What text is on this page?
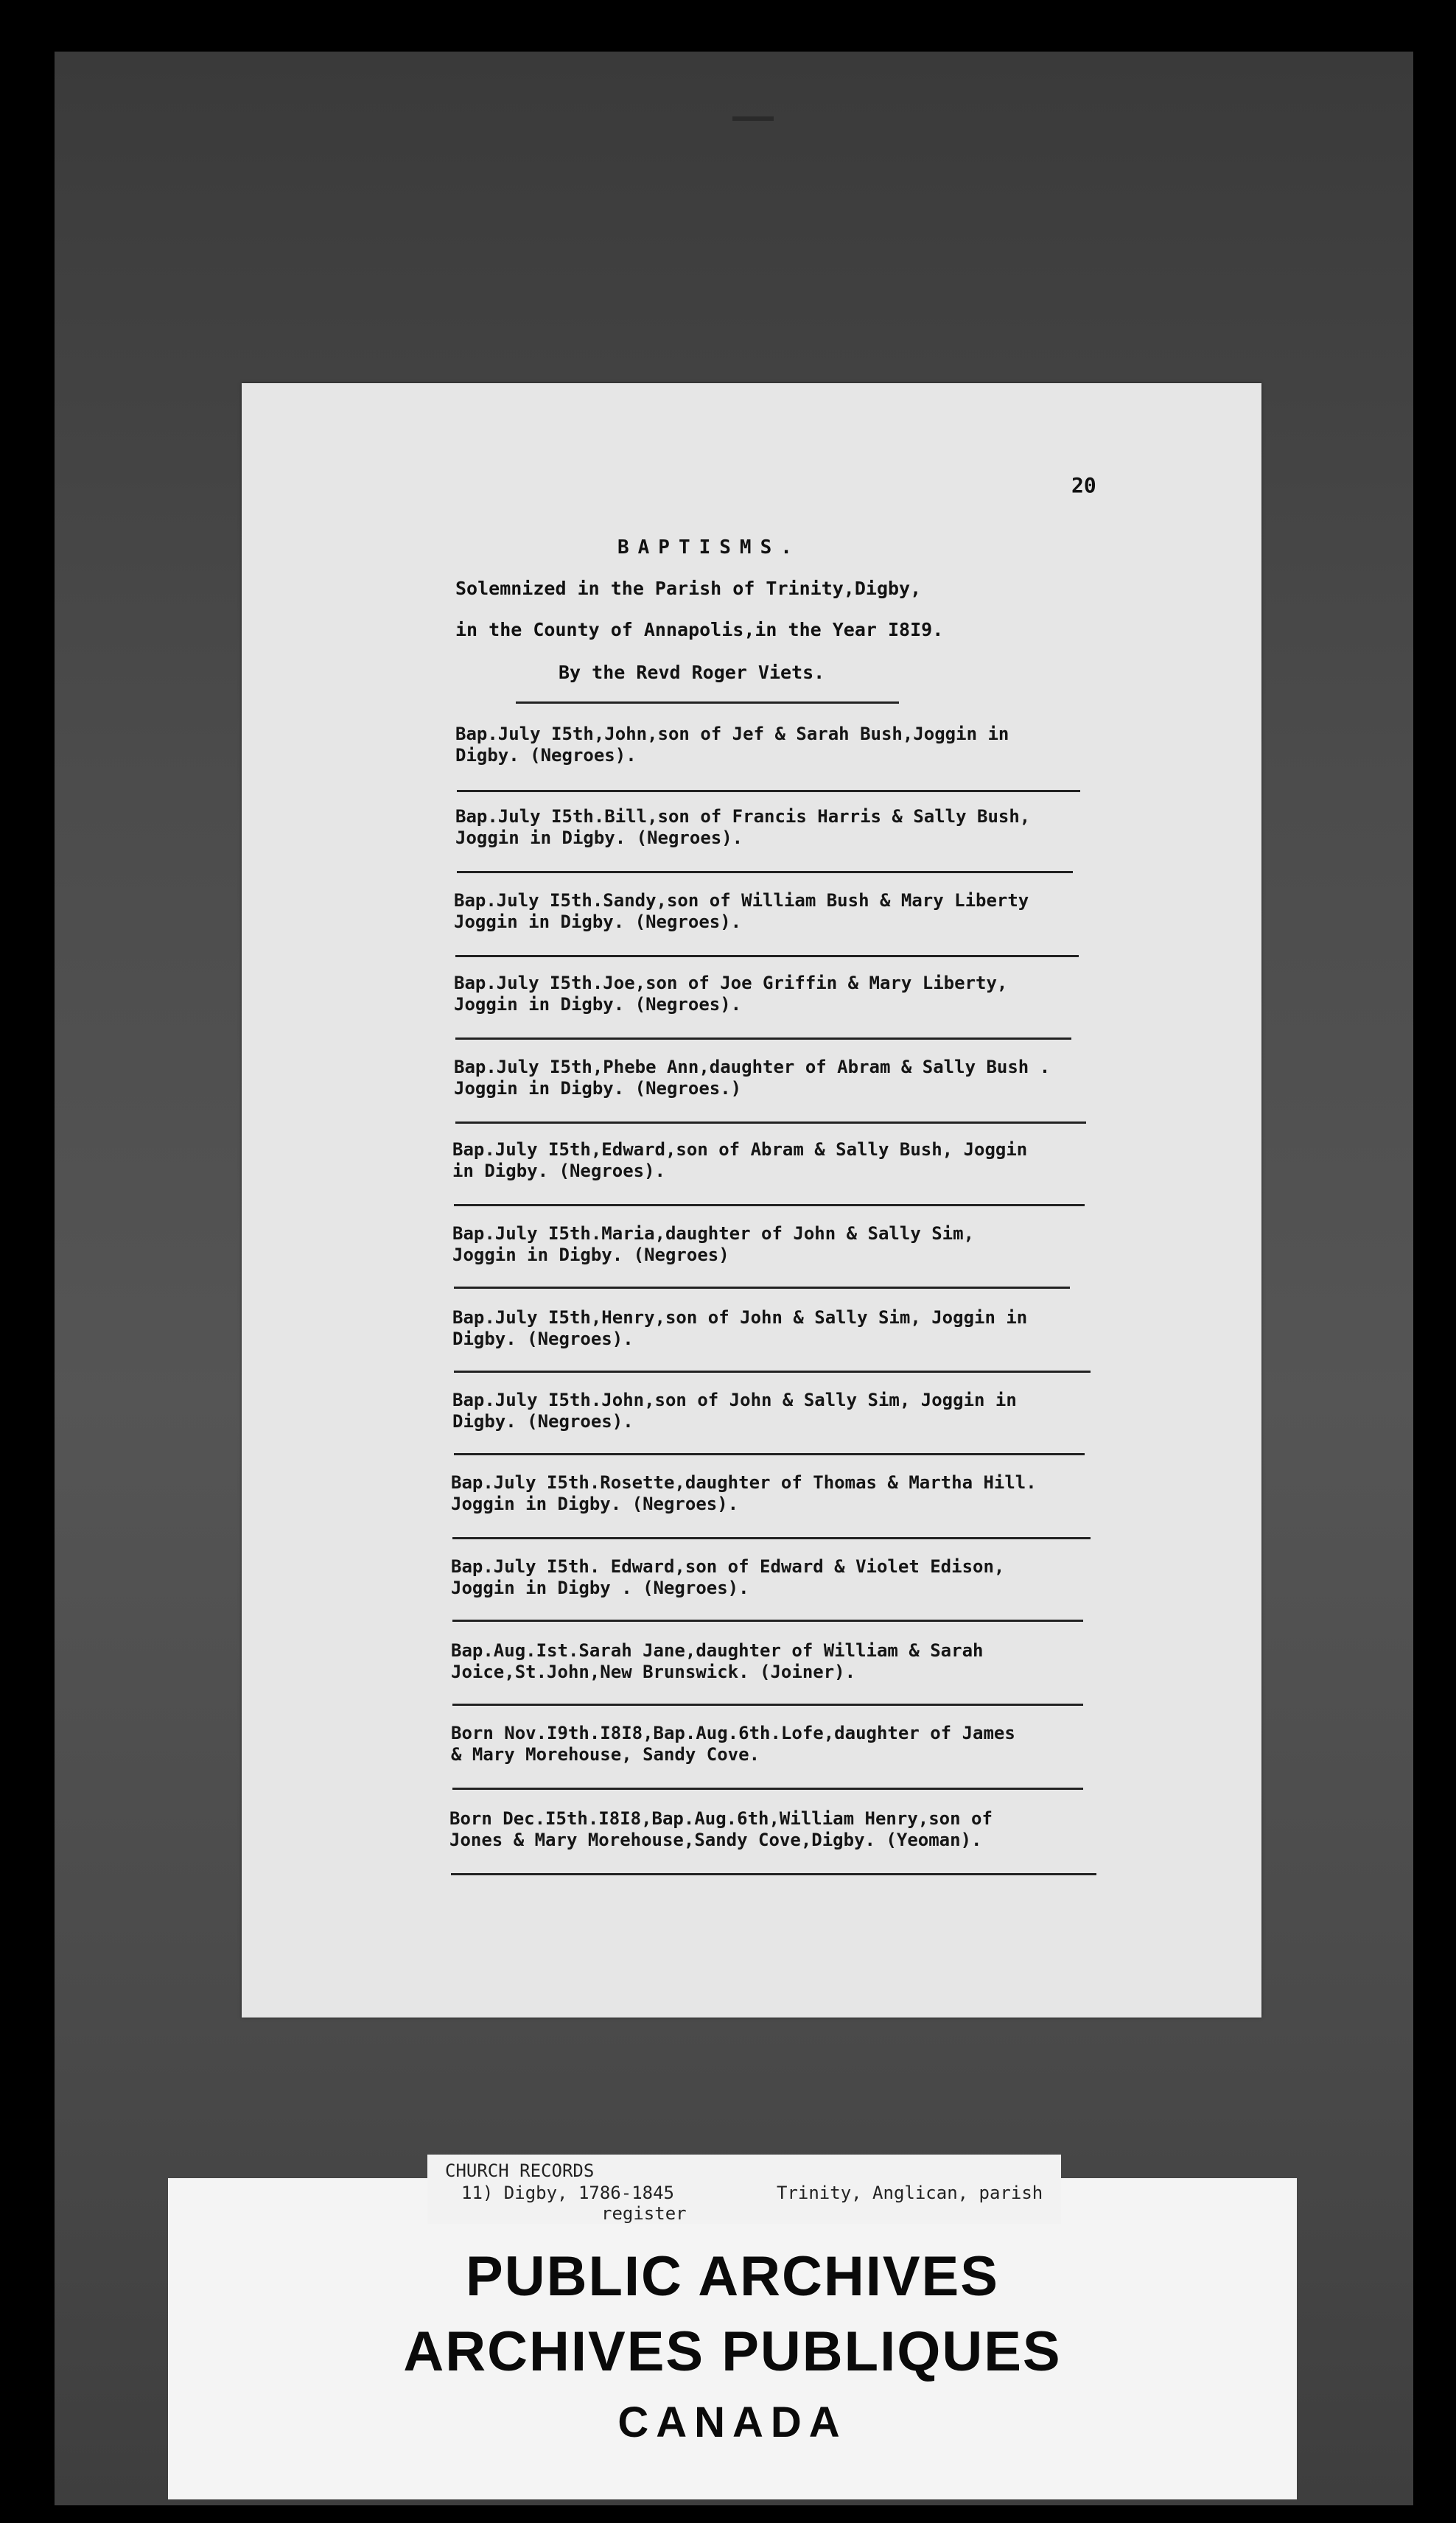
20
BAPTISMS.
Solemnized in the Parish of Trinity,Digby,
in the County of Annapolis,in the Year I8I9.
By the Revd Roger Viets.
Bap.July I5th,John,son of Jef & Sarah Bush,Joggin in
Digby. (Negroes).
Bap.July I5th.Bill,son of Francis Harris & Sally Bush,
Joggin in Digby. (Negroes).
Bap.July I5th.Sandy,son of William Bush & Mary Liberty
Joggin in Digby. (Negroes).
Bap.July I5th.Joe,son of Joe Griffin & Mary Liberty,
Joggin in Digby. (Negroes).
Bap.July I5th,Phebe Ann,daughter of Abram & Sally Bush .
Joggin in Digby. (Negroes.)
Bap.July I5th,Edward,son of Abram & Sally Bush, Joggin
in Digby. (Negroes).
Bap.July I5th.Maria,daughter of John & Sally Sim,
Joggin in Digby. (Negroes)
Bap.July I5th,Henry,son of John & Sally Sim, Joggin in
Digby. (Negroes).
Bap.July I5th.John,son of John & Sally Sim, Joggin in
Digby. (Negroes).
Bap.July I5th.Rosette,daughter of Thomas & Martha Hill.
Joggin in Digby. (Negroes).
Bap.July I5th. Edward,son of Edward & Violet Edison,
Joggin in Digby . (Negroes).
Bap.Aug.Ist.Sarah Jane,daughter of William & Sarah
Joice,St.John,New Brunswick. (Joiner).
Born Nov.I9th.I8I8,Bap.Aug.6th.Lofe,daughter of James
& Mary Morehouse, Sandy Cove.
Born Dec.I5th.I8I8,Bap.Aug.6th,William Henry,son of
Jones & Mary Morehouse,Sandy Cove,Digby. (Yeoman).
PUBLIC ARCHIVES
ARCHIVES PUBLIQUES
CANADA
CHURCH RECORDS
11) Digby, 1786-1845	Trinity, Anglican, parish
register
